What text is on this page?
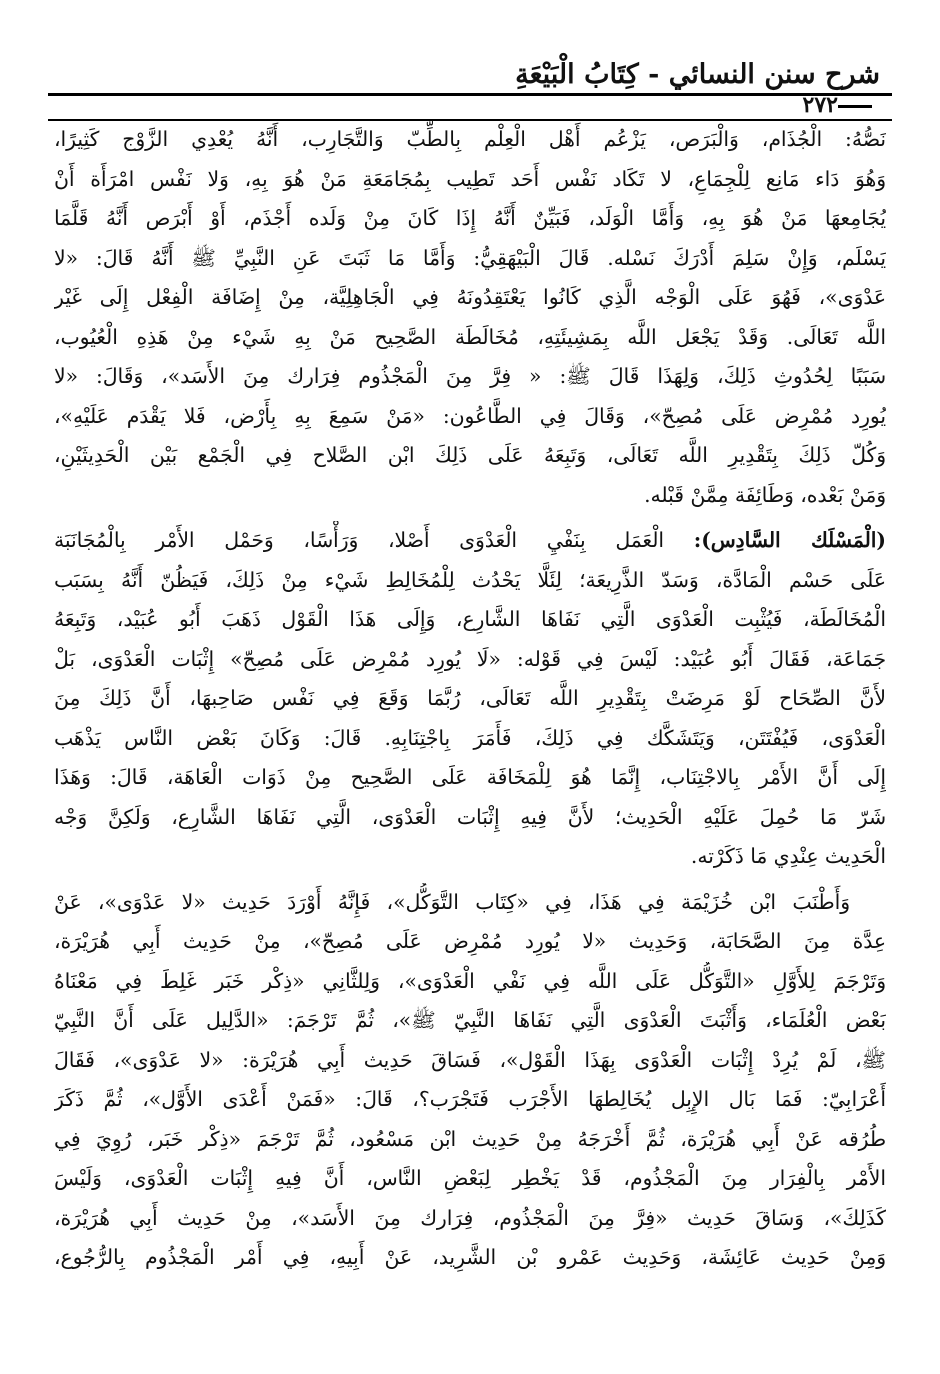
شرح سنن النسائي - كِتَابُ الْبَيْعَةِ
٢٧٢
نَصُّهُ: الْجُذَام، وَالْبَرَص، يَزْعُم أَهْل الْعِلْم بِالطِّبّ وَالتَّجَارِب، أَنَّهُ يُعْدِي الزَّوْج كَثِيرًا،
وَهُوَ دَاء مَانِع لِلْجِمَاعِ، لا تَكَاد نَفْس أَحَد تَطِيب بِمُجَامَعَةِ مَنْ هُوَ بِهِ، وَلا نَفْس امْرَأَة أَنْ
يُجَامِعهَا مَنْ هُوَ بِهِ، وَأَمَّا الْوَلَد، فَبَيِّنٌ أَنَّهُ إِذَا كَانَ مِنْ وَلَده أَجْذَم، أَوْ أَبْرَص أَنَّهُ قَلَّمَا
يَسْلَم، وَإِنْ سَلِمَ أَدْرَكَ نَسْله. قَالَ الْبَيْهَقِيُّ: وَأَمَّا مَا ثَبَتَ عَنِ النَّبِيِّ ﷺ أَنَّهُ قَالَ: «لا
عَدْوَى»، فَهُوَ عَلَى الْوَجْه الَّذِي كَانُوا يَعْتَقِدُونَهُ فِي الْجَاهِلِيَّة، مِنْ إِضَافَة الْفِعْل إِلَى غَيْر
اللَّه تَعَالَى. وَقَدْ يَجْعَل اللَّه بِمَشِيئَتِهِ، مُخَالَطَة الصَّحِيح مَنْ بِهِ شَيْء مِنْ هَذِهِ الْعُيُوب،
سَبَبًا لِحُدُوثِ ذَلِكَ، وَلِهَذَا قَالَ ﷺ: « فِرَّ مِنَ الْمَجْذُوم فِرَارك مِنَ الأَسَد»، وَقَالَ: «لا
يُورِد مُمْرِض عَلَى مُصِحّ»، وَقَالَ فِي الطَّاعُون: «مَنْ سَمِعَ بِهِ بِأَرْض، فَلا يَقْدَم عَلَيْهِ»،
وَكُلّ ذَلِكَ بِتَقْدِيرِ اللَّه تَعَالَى، وَتَبِعَهُ عَلَى ذَلِكَ ابْن الصَّلاح فِي الْجَمْع بَيْن الْحَدِيثَيْنِ،
وَمَنْ بَعْده، وَطَائِفَة مِمَّنْ قَبْله.
(الْمَسْلَك السَّادِس): الْعَمَل بِنَفْيِ الْعَدْوَى أَصْلا، وَرَأْسًا، وَحَمْل الأَمْر بِالْمُجَانَبَة
عَلَى حَسْم الْمَادَّة، وَسَدّ الذَّرِيعَة؛ لِئَلَّا يَحْدُث لِلْمُخَالِطِ شَيْء مِنْ ذَلِكَ، فَيَظُنّ أَنَّهُ بِسَبَب
الْمُخَالَطَة، فَيُثْبِت الْعَدْوَى الَّتِي نَفَاهَا الشَّارِع، وَإِلَى هَذَا الْقَوْل ذَهَبَ أَبُو عُبَيْد، وَتَبِعَهُ
جَمَاعَة، فَقَالَ أَبُو عُبَيْد: لَيْسَ فِي قَوْله: «لَا يُورِد مُمْرِض عَلَى مُصِحّ» إِثْبَات الْعَدْوَى، بَلْ
لأَنَّ الصِّحَاح لَوْ مَرِضَتْ بِتَقْدِيرِ اللَّه تَعَالَى، رُبَّمَا وَقَعَ فِي نَفْس صَاحِبهَا، أَنَّ ذَلِكَ مِنَ
الْعَدْوَى، فَيُفْتَتَن، وَيَتَشَكَّك فِي ذَلِكَ، فَأَمَرَ بِاجْتِنَابِهِ. قَالَ: وَكَانَ بَعْض النَّاس يَذْهَب
إِلَى أَنَّ الأَمْر بِالاجْتِنَاب، إِنَّمَا هُوَ لِلْمَخَافَة عَلَى الصَّحِيح مِنْ ذَوَات الْعَاهَة، قَالَ: وَهَذَا
شَرّ مَا حُمِلَ عَلَيْهِ الْحَدِيث؛ لأَنَّ فِيهِ إِثْبَات الْعَدْوَى، الَّتِي نَفَاهَا الشَّارِع، وَلَكِنَّ وَجْه
الْحَدِيث عِنْدِي مَا ذَكَرْته.
وَأَطْنَبَ ابْن خُزَيْمَة فِي هَذَا، فِي «كِتَاب التَّوَكُّل»، فَإِنَّهُ أَوْرَدَ حَدِيث «لا عَدْوَى»، عَنْ
عِدَّة مِنَ الصَّحَابَة، وَحَدِيث «لا يُورِد مُمْرِض عَلَى مُصِحّ»، مِنْ حَدِيث أَبِي هُرَيْرَة،
وَتَرْجَمَ لِلأَوَّلِ «التَّوَكُّل عَلَى اللَّه فِي نَفْي الْعَدْوَى»، وَلِلثَّانِي «ذِكْر خَبَر غَلِطَ فِي مَعْنَاهُ
بَعْض الْعُلَمَاء، وَأَثْبَتَ الْعَدْوَى الَّتِي نَفَاهَا النَّبِيّ ﷺ»، ثُمَّ تَرْجَمَ: «الدَّلِيل عَلَى أَنَّ النَّبِيّ
ﷺ، لَمْ يُرِدْ إِثْبَات الْعَدْوَى بِهَذَا الْقَوْل»، فَسَاقَ حَدِيث أَبِي هُرَيْرَة: «لا عَدْوَى»، فَقَالَ
أَعْرَابِيّ: فَمَا بَال الإِبِل يُخَالِطهَا الأَجْرَب فَتَجْرَب؟، قَالَ: «فَمَنْ أَعْدَى الأَوَّل»، ثُمَّ ذَكَرَ
طُرُقه عَنْ أَبِي هُرَيْرَة، ثُمَّ أَخْرَجَهُ مِنْ حَدِيث ابْن مَسْعُود، ثُمَّ تَرْجَمَ «ذِكْر خَبَر، رُوِيَ فِي
الأَمْر بِالْفِرَار مِنَ الْمَجْذُوم، قَدْ يَخْطِر لِبَعْضِ النَّاس، أَنَّ فِيهِ إِثْبَات الْعَدْوَى، وَلَيْسَ
كَذَلِكَ»، وَسَاقَ حَدِيث «فِرَّ مِنَ الْمَجْذُوم، فِرَارك مِنَ الأَسَد»، مِنْ حَدِيث أَبِي هُرَيْرَة،
وَمِنْ حَدِيث عَائِشَة، وَحَدِيث عَمْرو بْن الشَّرِيد، عَنْ أَبِيهِ، فِي أَمْر الْمَجْذُوم بِالرُّجُوع،
